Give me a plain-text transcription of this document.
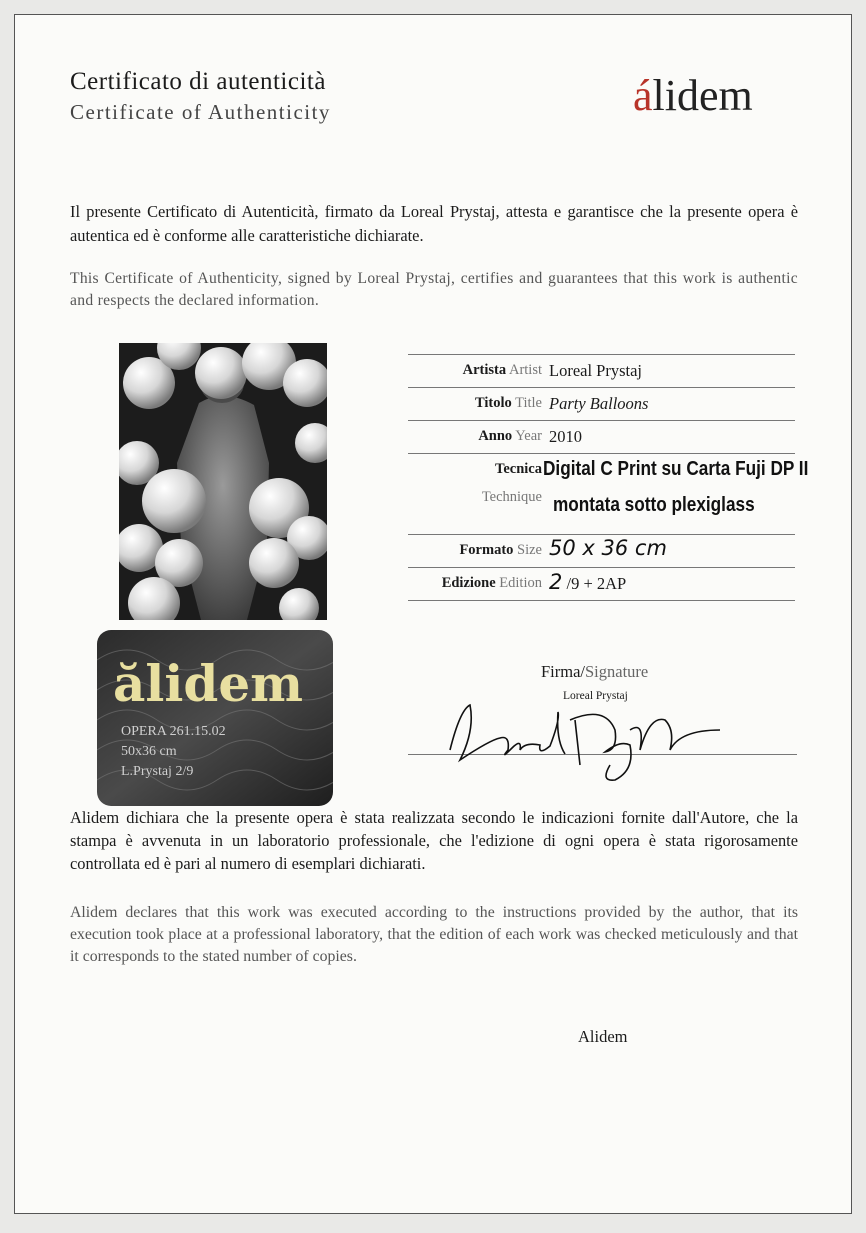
Certificato di autenticità
Certificate of Authenticity	álidem
Il presente Certificato di Autenticità, firmato da Loreal Prystaj, attesta e garantisce che la presente opera è autentica ed è conforme alle caratteristiche dichiarate.
This Certificate of Authenticity, signed by Loreal Prystaj, certifies and guarantees that this work is authentic and respects the declared information.
ălidem
OPERA 261.15.02
50x36 cm
L.Prystaj 2/9
Artista Artist Loreal Prystaj
Titolo Title Party Balloons
Anno Year 2010
Tecnica
Technique
Digital C Print su Carta Fuji DP II
montata sotto plexiglass
Formato Size 50 x 36 cm
Edizione Edition 2 /9 + 2AP
Firma/Signature
Loreal Prystaj
Alidem dichiara che la presente opera è stata realizzata secondo le indicazioni fornite dall'Autore, che la stampa è avvenuta in un laboratorio professionale, che l'edizione di ogni opera è stata rigorosamente controllata ed è pari al numero di esemplari dichiarati.
Alidem declares that this work was executed according to the instructions provided by the author, that its execution took place at a professional laboratory, that the edition of each work was checked meticulously and that it corresponds to the stated number of copies.
Alidem
